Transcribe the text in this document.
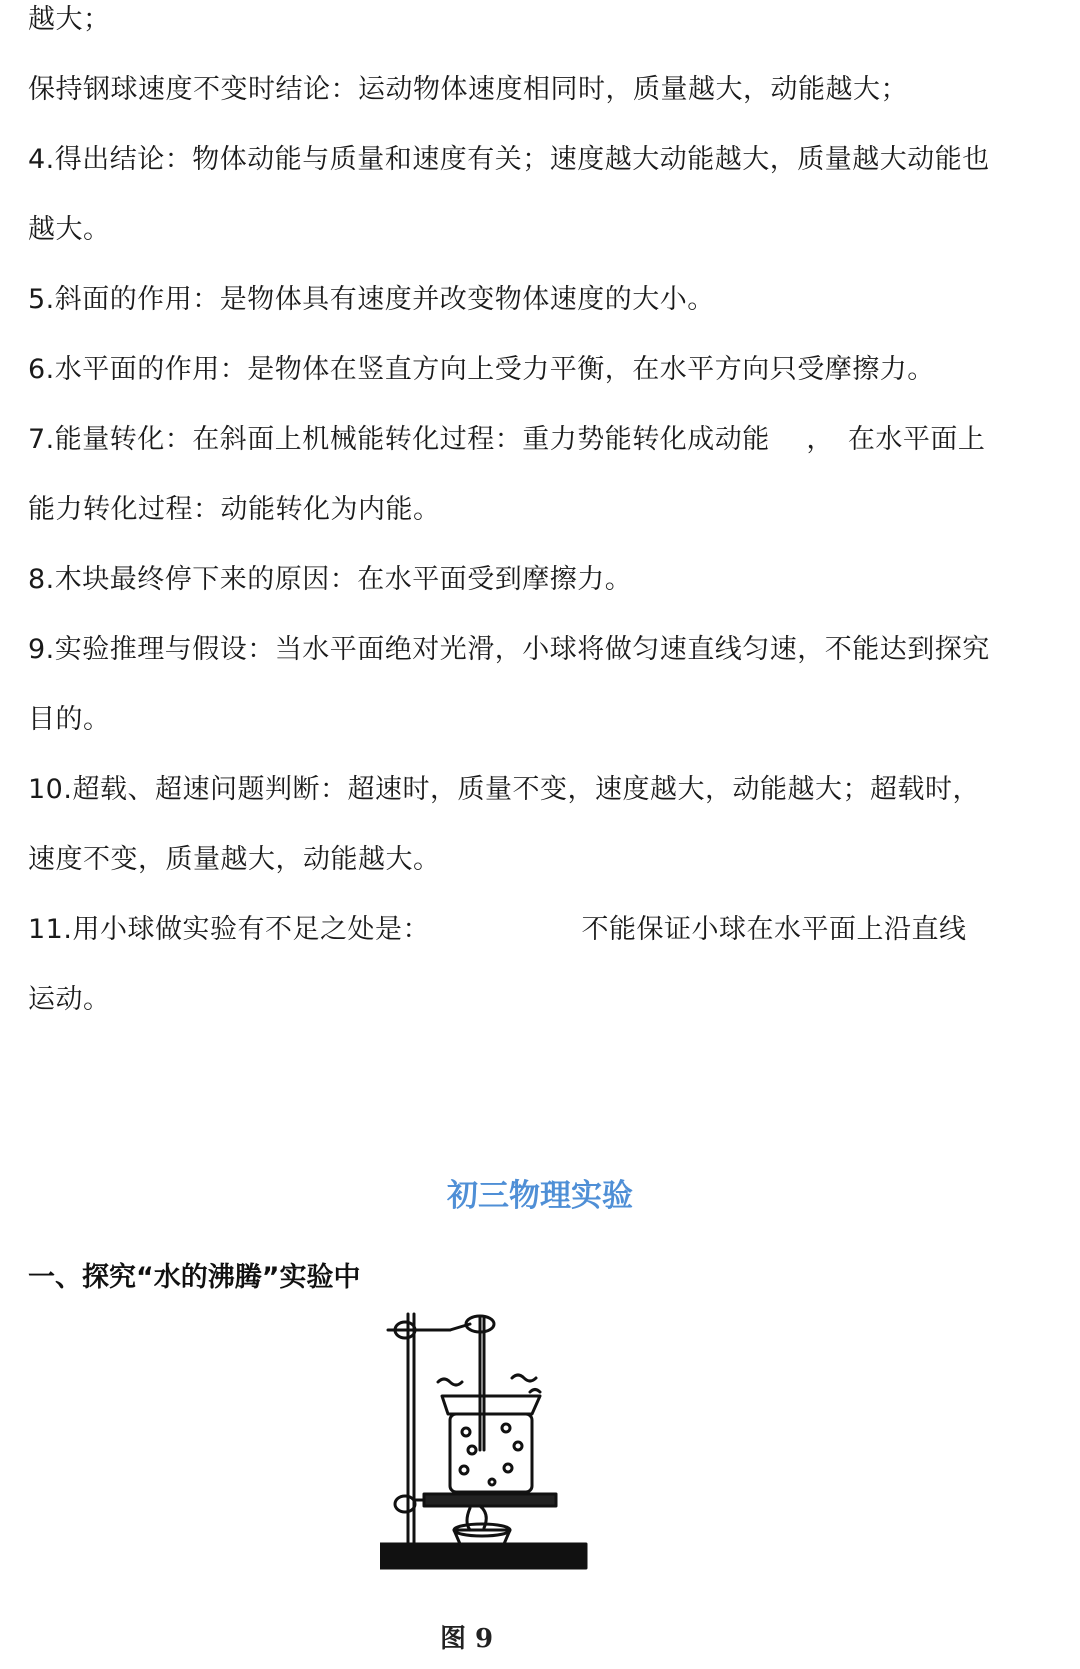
越大；
保持钢球速度不变时结论：运动物体速度相同时，质量越大，动能越大；
4.得出结论：物体动能与质量和速度有关；速度越大动能越大，质量越大动能也
越大。
5.斜面的作用：是物体具有速度并改变物体速度的大小。
6.水平面的作用：是物体在竖直方向上受力平衡，在水平方向只受摩擦力。
7.能量转化：在斜面上机械能转化过程：重力势能转化成动能　 ，　在水平面上
能力转化过程：动能转化为内能。
8.木块最终停下来的原因：在水平面受到摩擦力。
9.实验推理与假设：当水平面绝对光滑，小球将做匀速直线匀速，不能达到探究
目的。
10.超载、超速问题判断：超速时，质量不变，速度越大，动能越大；超载时，
速度不变，质量越大，动能越大。
11.用小球做实验有不足之处是：　　　　　　不能保证小球在水平面上沿直线
运动。
初三物理实验
一、探究“水的沸腾”实验中
图 9
